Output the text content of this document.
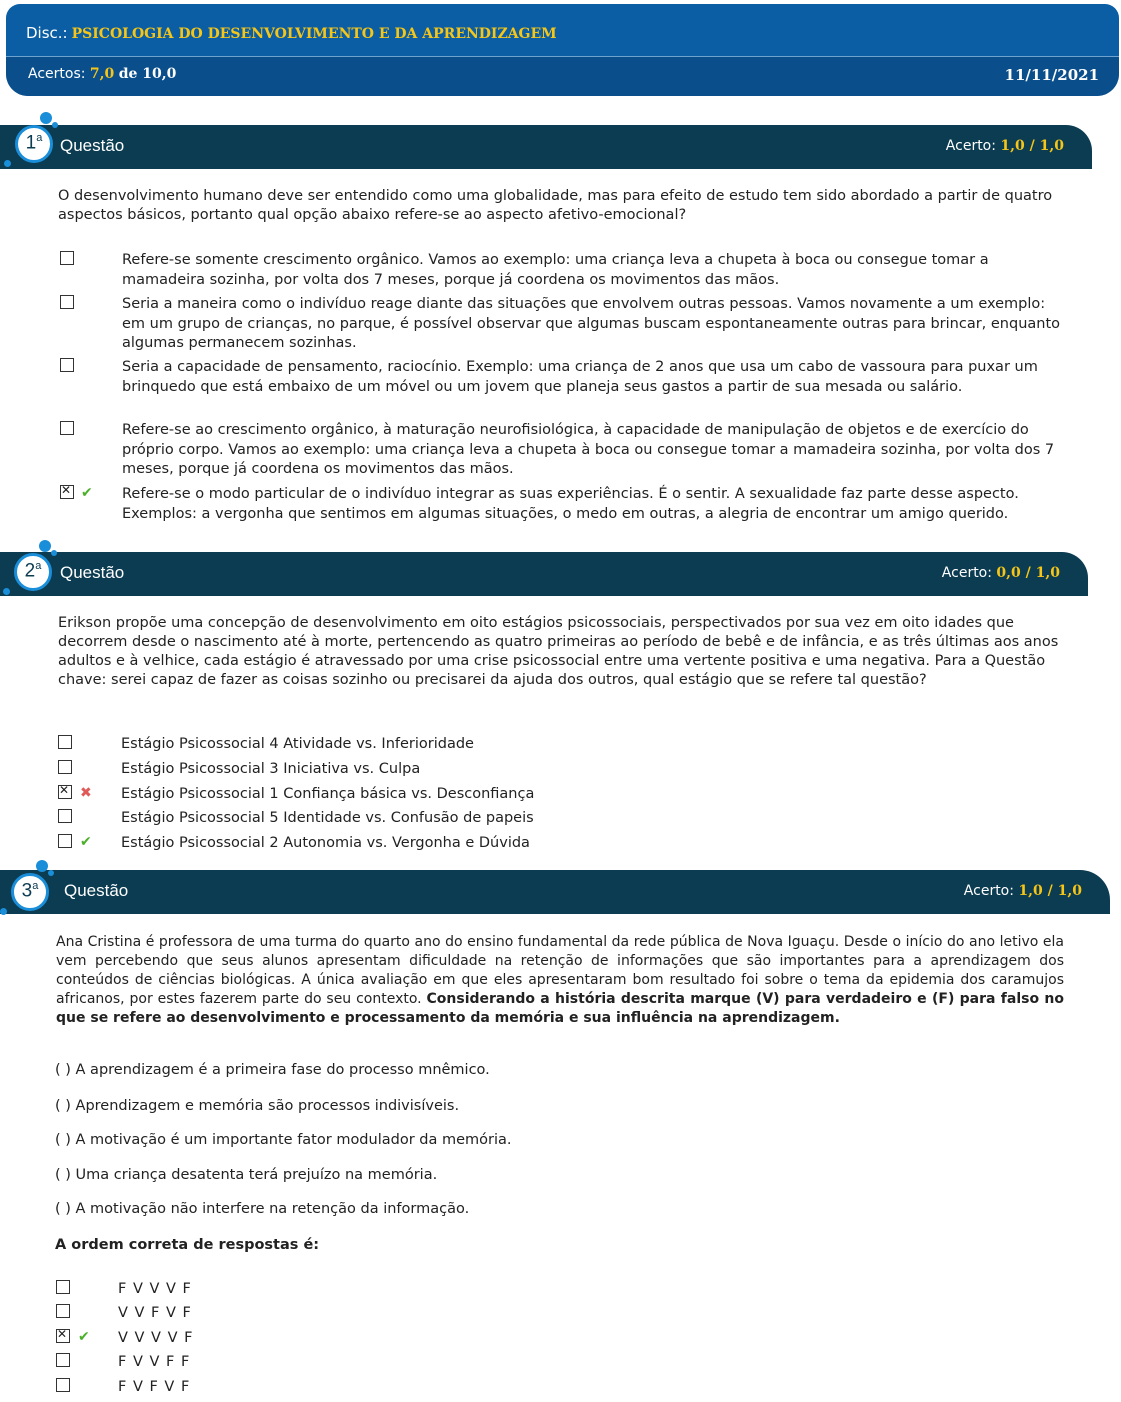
Disc.: PSICOLOGIA DO DESENVOLVIMENTO E DA APRENDIZAGEM
Acertos: 7,0 de 10,0	11/11/2021
Questão	Acerto: 1,0 / 1,0
1$^a$
O desenvolvimento humano deve ser entendido como uma globalidade, mas para efeito de estudo tem sido abordado a partir de quatro aspectos básicos, portanto qual opção abaixo refere-se ao aspecto afetivo-emocional?
Refere-se somente crescimento orgânico. Vamos ao exemplo: uma criança leva a chupeta à boca ou consegue tomar a mamadeira sozinha, por volta dos 7 meses, porque já coordena os movimentos das mãos.
Seria a maneira como o indivíduo reage diante das situações que envolvem outras pessoas. Vamos novamente a um exemplo: em um grupo de crianças, no parque, é possível observar que algumas buscam espontaneamente outras para brincar, enquanto algumas permanecem sozinhas.
Seria a capacidade de pensamento, raciocínio. Exemplo: uma criança de 2 anos que usa um cabo de vassoura para puxar um brinquedo que está embaixo de um móvel ou um jovem que planeja seus gastos a partir de sua mesada ou salário.
Refere-se ao crescimento orgânico, à maturação neurofisiológica, à capacidade de manipulação de objetos e de exercício do próprio corpo. Vamos ao exemplo: uma criança leva a chupeta à boca ou consegue tomar a mamadeira sozinha, por volta dos 7 meses, porque já coordena os movimentos das mãos.
✕
✔ Refere-se o modo particular de o indivíduo integrar as suas experiências. É o sentir. A sexualidade faz parte desse aspecto. Exemplos: a vergonha que sentimos em algumas situações, o medo em outras, a alegria de encontrar um amigo querido.
Questão	Acerto: 0,0 / 1,0
2$^a$
Erikson propõe uma concepção de desenvolvimento em oito estágios psicossociais, perspectivados por sua vez em oito idades que decorrem desde o nascimento até à morte, pertencendo as quatro primeiras ao período de bebê e de infância, e as três últimas aos anos adultos e à velhice, cada estágio é atravessado por uma crise psicossocial entre uma vertente positiva e uma negativa. Para a Questão chave: serei capaz de fazer as coisas sozinho ou precisarei da ajuda dos outros, qual estágio que se refere tal questão?
Estágio Psicossocial 4 Atividade vs. Inferioridade
Estágio Psicossocial 3 Iniciativa vs. Culpa
✕
✖ Estágio Psicossocial 1 Confiança básica vs. Desconfiança
Estágio Psicossocial 5 Identidade vs. Confusão de papeis
✔ Estágio Psicossocial 2 Autonomia vs. Vergonha e Dúvida
Questão	Acerto: 1,0 / 1,0
3$^a$
Ana Cristina é professora de uma turma do quarto ano do ensino fundamental da rede pública de Nova Iguaçu. Desde o início do ano letivo ela vem percebendo que seus alunos apresentam dificuldade na retenção de informações que são importantes para a aprendizagem dos conteúdos de ciências biológicas. A única avaliação em que eles apresentaram bom resultado foi sobre o tema da epidemia dos caramujos africanos, por estes fazerem parte do seu contexto. Considerando a história descrita marque (V) para verdadeiro e (F) para falso no que se refere ao desenvolvimento e processamento da memória e sua influência na aprendizagem.
( ) A aprendizagem é a primeira fase do processo mnêmico.
( ) Aprendizagem e memória são processos indivisíveis.
( ) A motivação é um importante fator modulador da memória.
( ) Uma criança desatenta terá prejuízo na memória.
( ) A motivação não interfere na retenção da informação.
A ordem correta de respostas é:
F V V V F
V V F V F
✕
✔ V V V V F
F V V F F
F V F V F
